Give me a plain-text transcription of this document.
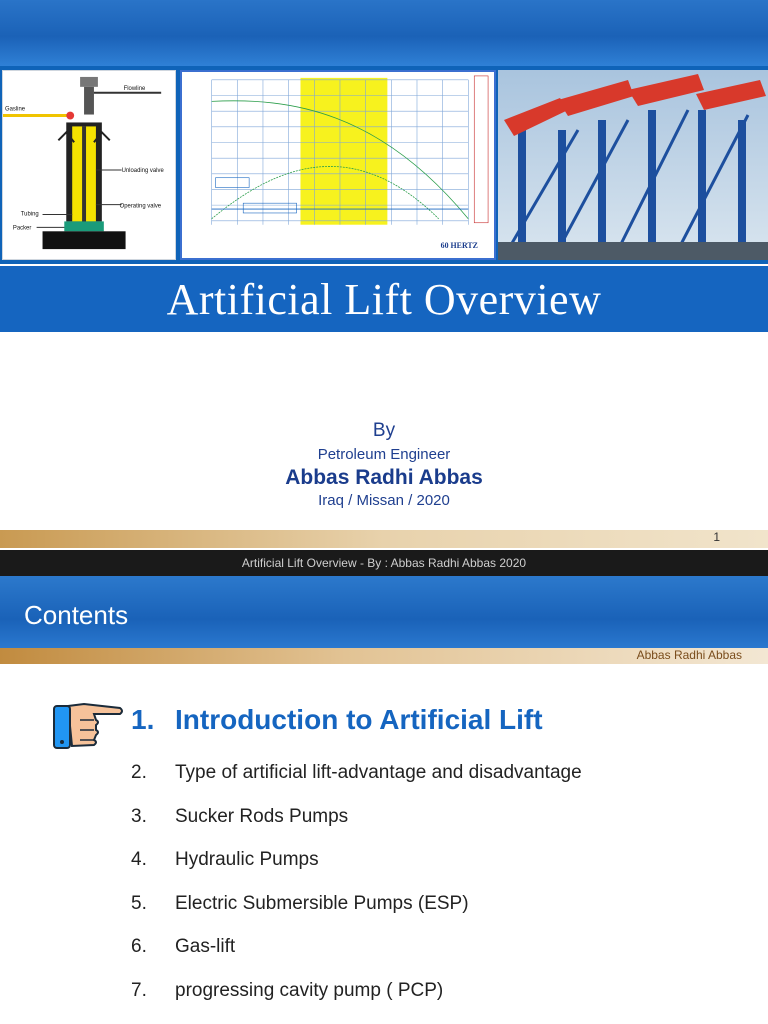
Flowline
Gasline
Unloading valve
Operating valve
Tubing
Packer
60 HERTZ
Artificial Lift Overview
By
Petroleum Engineer
Abbas Radhi Abbas
Iraq / Missan / 2020
1
Artificial Lift Overview - By : Abbas Radhi Abbas 2020
Contents
Abbas Radhi Abbas
1. Introduction to Artificial Lift
2. Type of artificial lift-advantage and disadvantage
3. Sucker Rods Pumps
4. Hydraulic Pumps
5. Electric Submersible Pumps (ESP)
6. Gas-lift
7. progressing cavity pump ( PCP)
